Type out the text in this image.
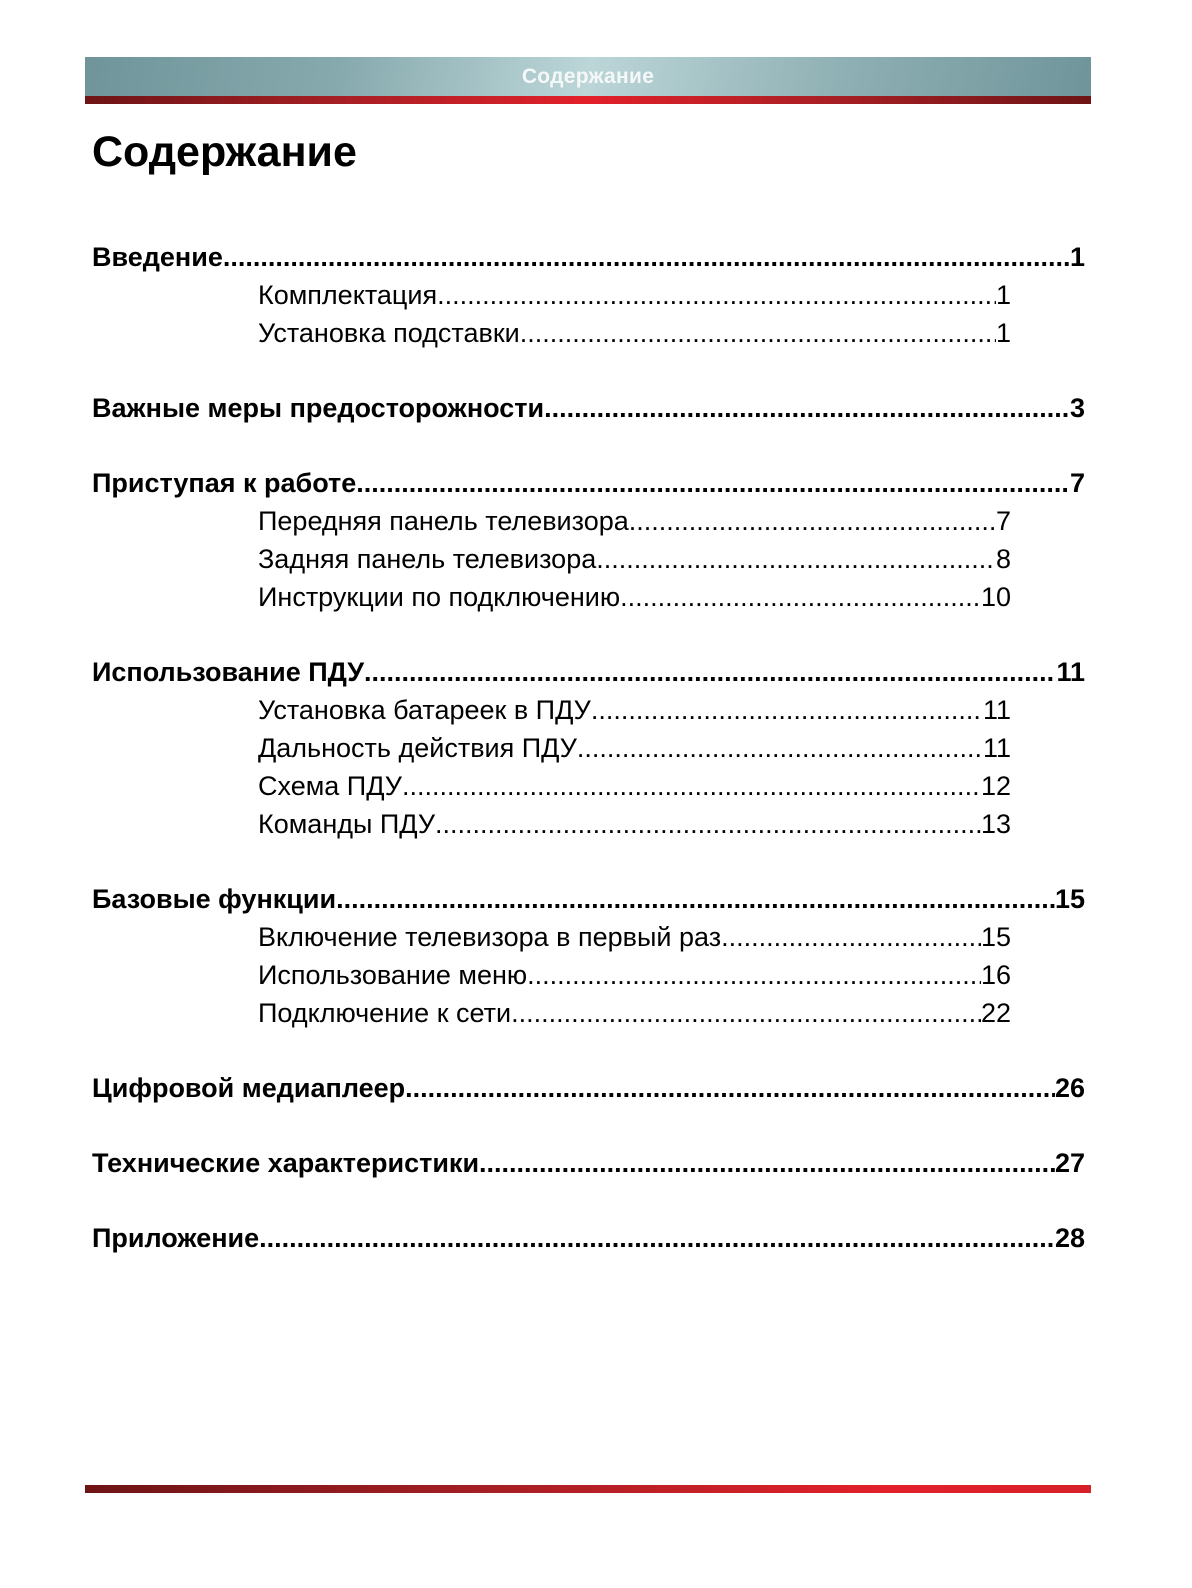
Содержание
Содержание
Введение .....	1
Комплектация .....	1
Установка подставки .....	1
Важные меры предосторожности .....	3
Приступая к работе .....	7
Передняя панель телевизора .....	7
Задняя панель телевизора .....	8
Инструкции по подключению .....	10
Использование ПДУ .....	11
Установка батареек в ПДУ .....	11
Дальность действия ПДУ .....	11
Схема ПДУ .....	12
Команды ПДУ .....	13
Базовые функции .....	15
Включение телевизора в первый раз .....	15
Использование меню .....	16
Подключение к сети .....	22
Цифровой медиаплеер .....	26
Технические характеристики .....	27
Приложение .....	28
